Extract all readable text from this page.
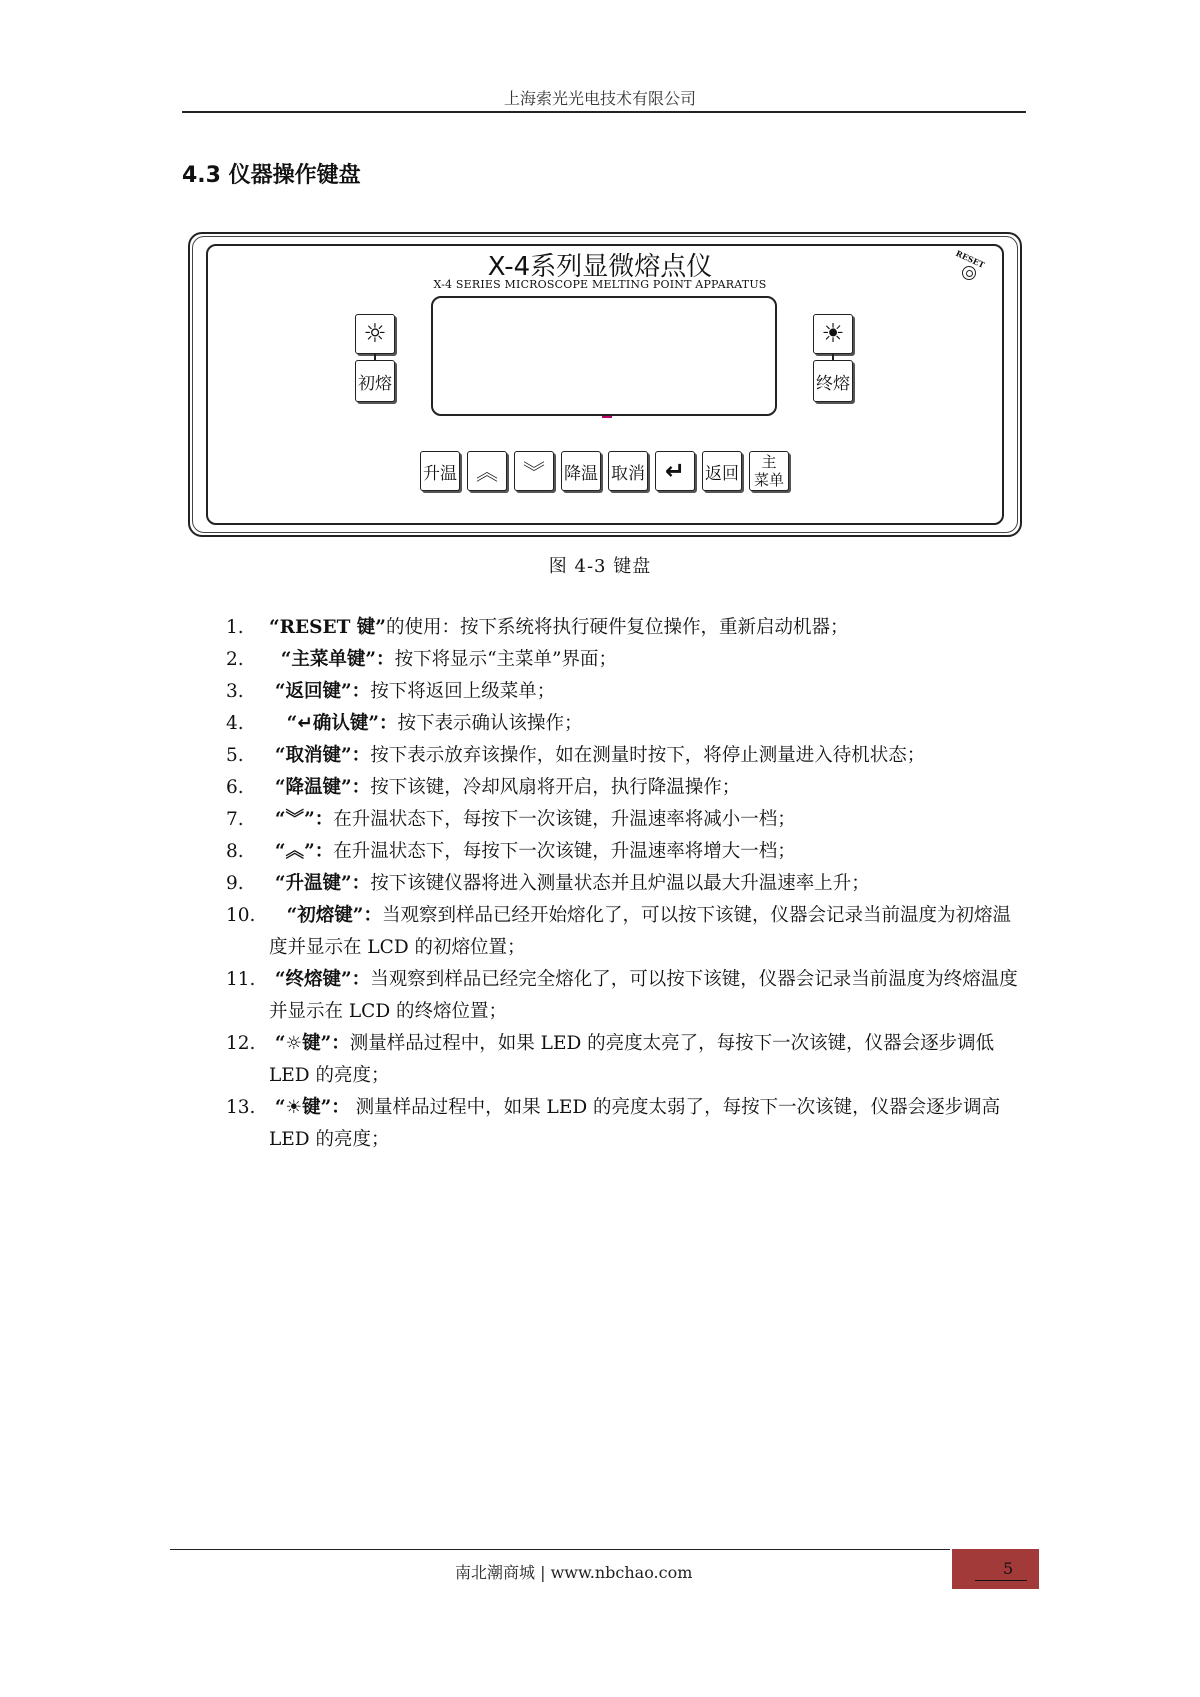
上海索光光电技术有限公司
4.3 仪器操作键盘
X-4系列显微熔点仪
X-4 SERIES MICROSCOPE MELTING POINT APPARATUS
RESET
☼
初熔
☀
终熔
升温 ︽ ︾ 降温 取消 ↵ 返回
主
菜单
图 4-3 键盘
1. “RESET 键”的使用：按下系统将执行硬件复位操作，重新启动机器；
2. “主菜单键”：按下将显示“主菜单”界面；
3. “返回键”：按下将返回上级菜单；
4. “↵确认键”：按下表示确认该操作；
5. “取消键”：按下表示放弃该操作，如在测量时按下，将停止测量进入待机状态；
6. “降温键”：按下该键，冷却风扇将开启，执行降温操作；
7. “︾”：在升温状态下，每按下一次该键，升温速率将减小一档；
8. “︽”：在升温状态下，每按下一次该键，升温速率将增大一档；
9. “升温键”：按下该键仪器将进入测量状态并且炉温以最大升温速率上升；
10. “初熔键”：当观察到样品已经开始熔化了，可以按下该键，仪器会记录当前温度为初熔温度并显示在 LCD 的初熔位置；
11. “终熔键”：当观察到样品已经完全熔化了，可以按下该键，仪器会记录当前温度为终熔温度并显示在 LCD 的终熔位置；
12. “☼键”：测量样品过程中，如果 LED 的亮度太亮了，每按下一次该键，仪器会逐步调低 LED 的亮度；
13. “☀键”： 测量样品过程中，如果 LED 的亮度太弱了，每按下一次该键，仪器会逐步调高 LED 的亮度；
南北潮商城 | www.nbchao.com	5
